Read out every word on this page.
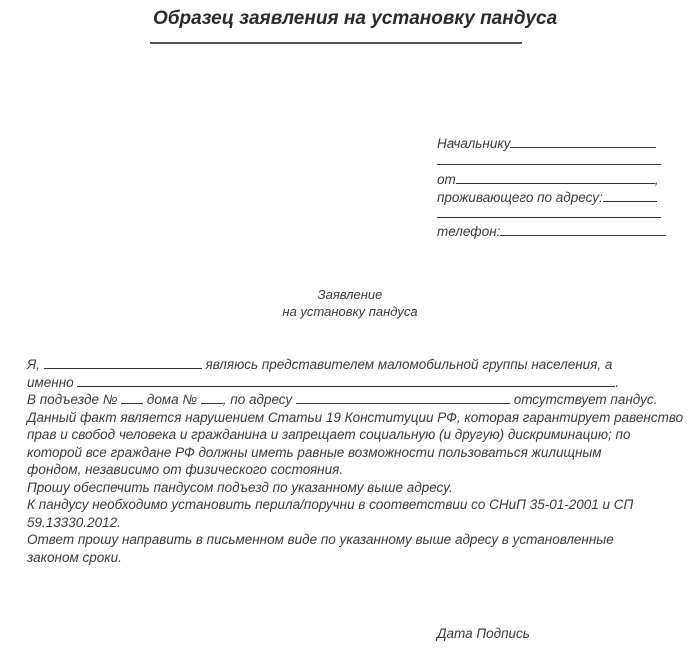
Образец заявления на установку пандуса
Начальнику
от	,
проживающего по адресу:
телефон:
Заявление
на установку пандуса
Я,	являюсь представителем маломобильной группы населения, а
именно	.
В подъезде № дома № , по адресу	отсутствует пандус.
Данный факт является нарушением Статьи 19 Конституции РФ, которая гарантирует равенство
прав и свобод человека и гражданина и запрещает социальную (и другую) дискриминацию; по
которой все граждане РФ должны иметь равные возможности пользоваться жилищным
фондом, независимо от физического состояния.
Прошу обеспечить пандусом подъезд по указанному выше адресу.
К пандусу необходимо установить перила/поручни в соответствии со СНиП 35-01-2001 и СП
59.13330.2012.
Ответ прошу направить в письменном виде по указанному выше адресу в установленные
законом сроки.
Дата Подпись
